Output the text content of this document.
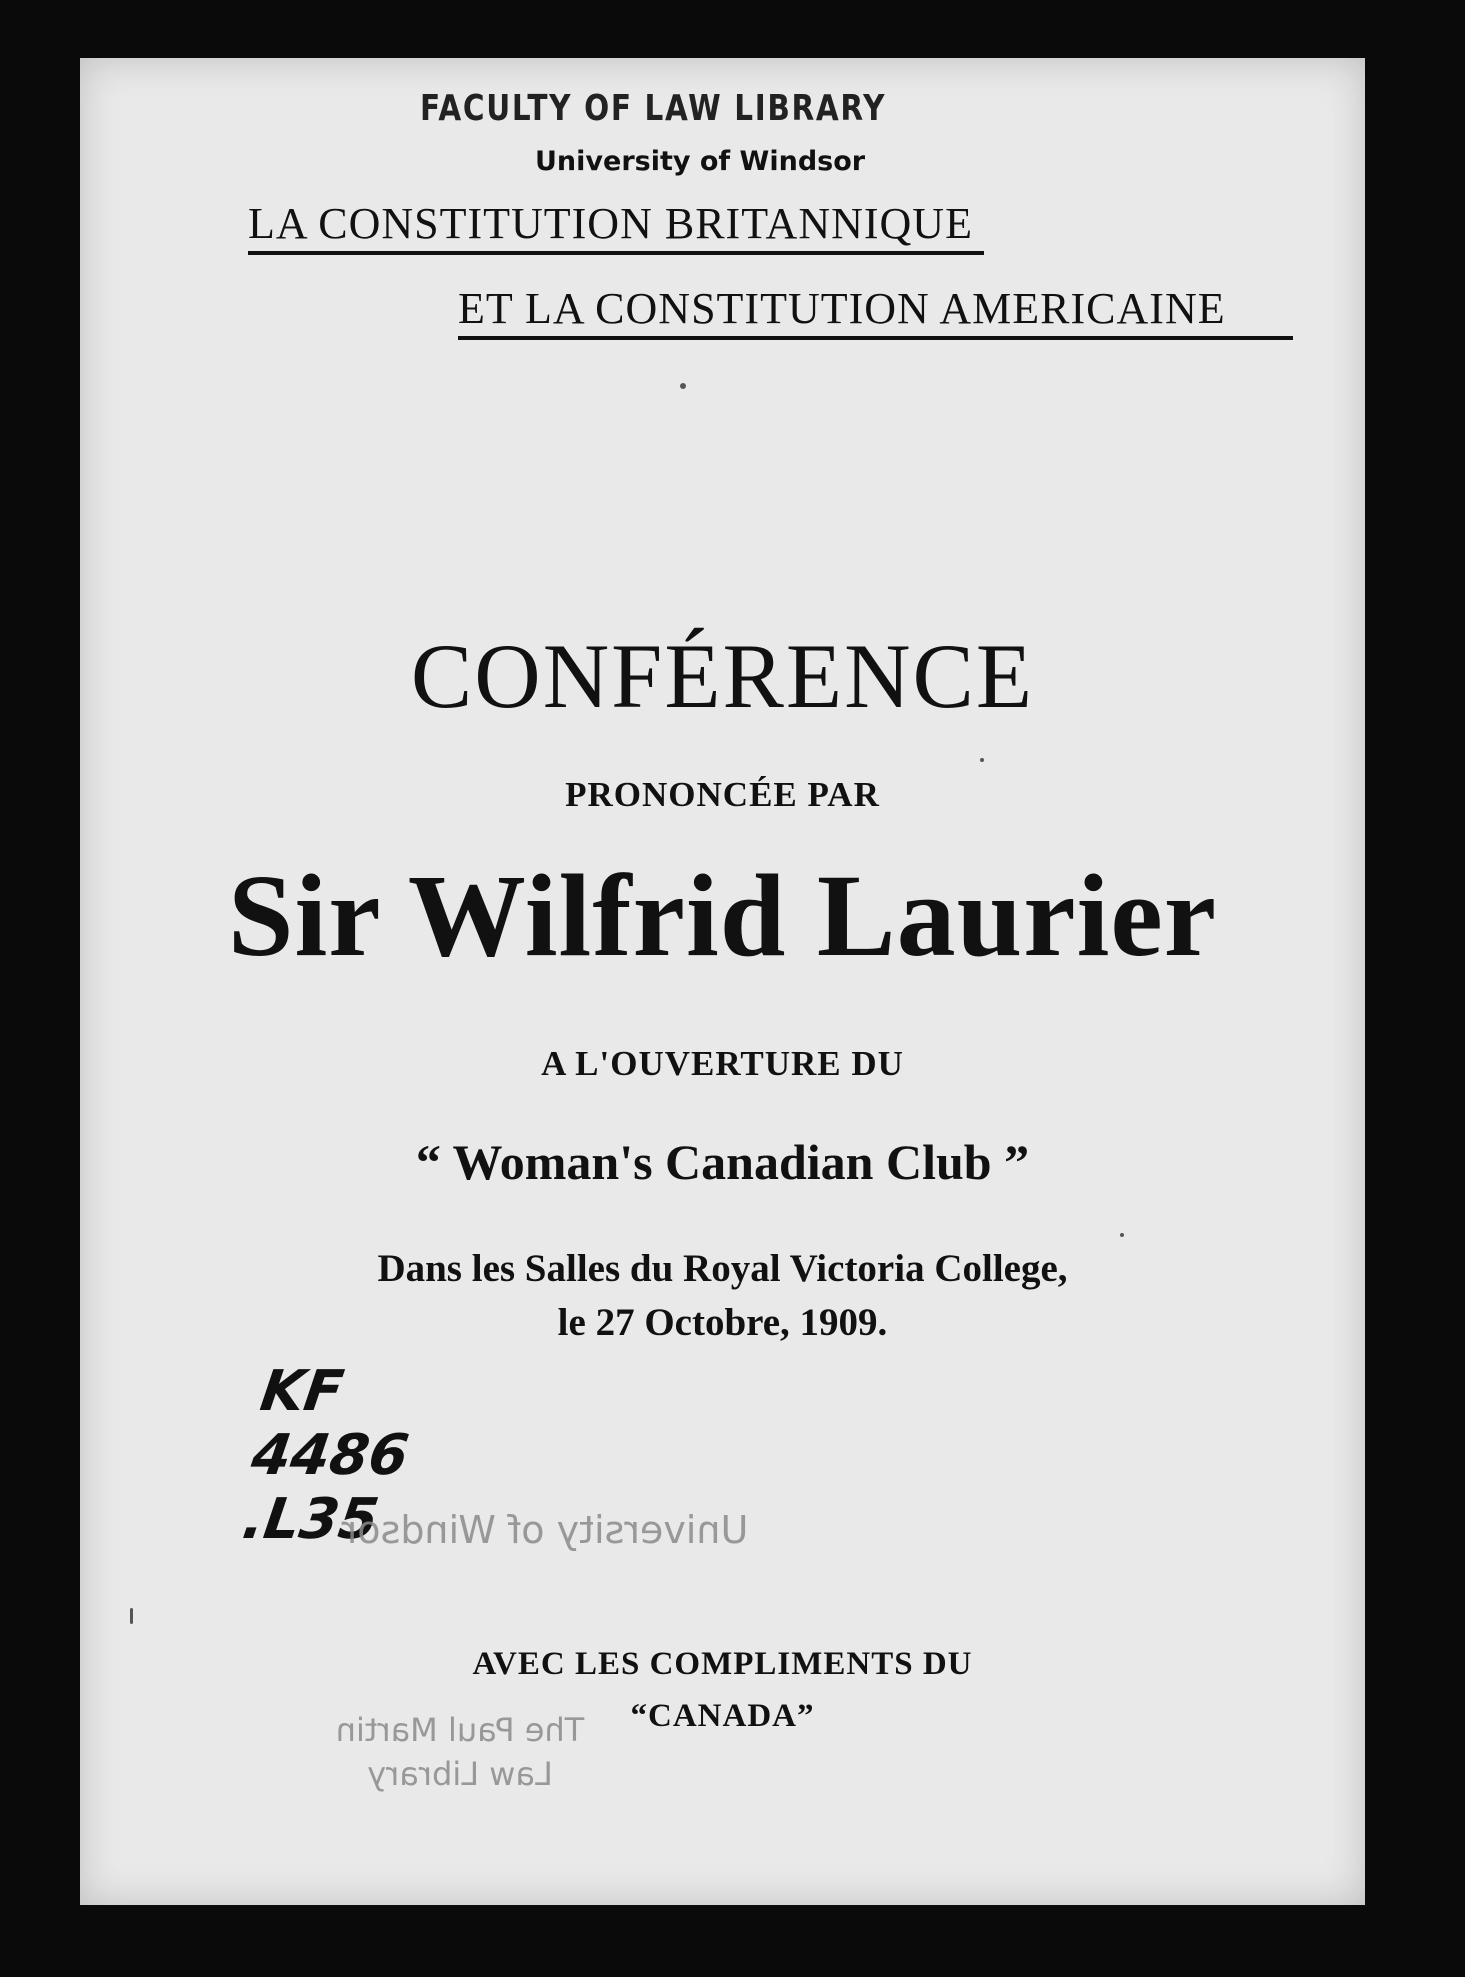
FACULTY OF LAW LIBRARY
University of Windsor
LA CONSTITUTION BRITANNIQUE
ET LA CONSTITUTION AMERICAINE
CONFÉRENCE
PRONONCÉE PAR
Sir Wilfrid Laurier
A L'OUVERTURE DU
“ Woman's Canadian Club ”
Dans les Salles du Royal Victoria College,
le 27 Octobre, 1909.
KF
4486
.L35
University of Windsor
AVEC LES COMPLIMENTS DU
“CANADA”
The Paul Martin
Law Library
